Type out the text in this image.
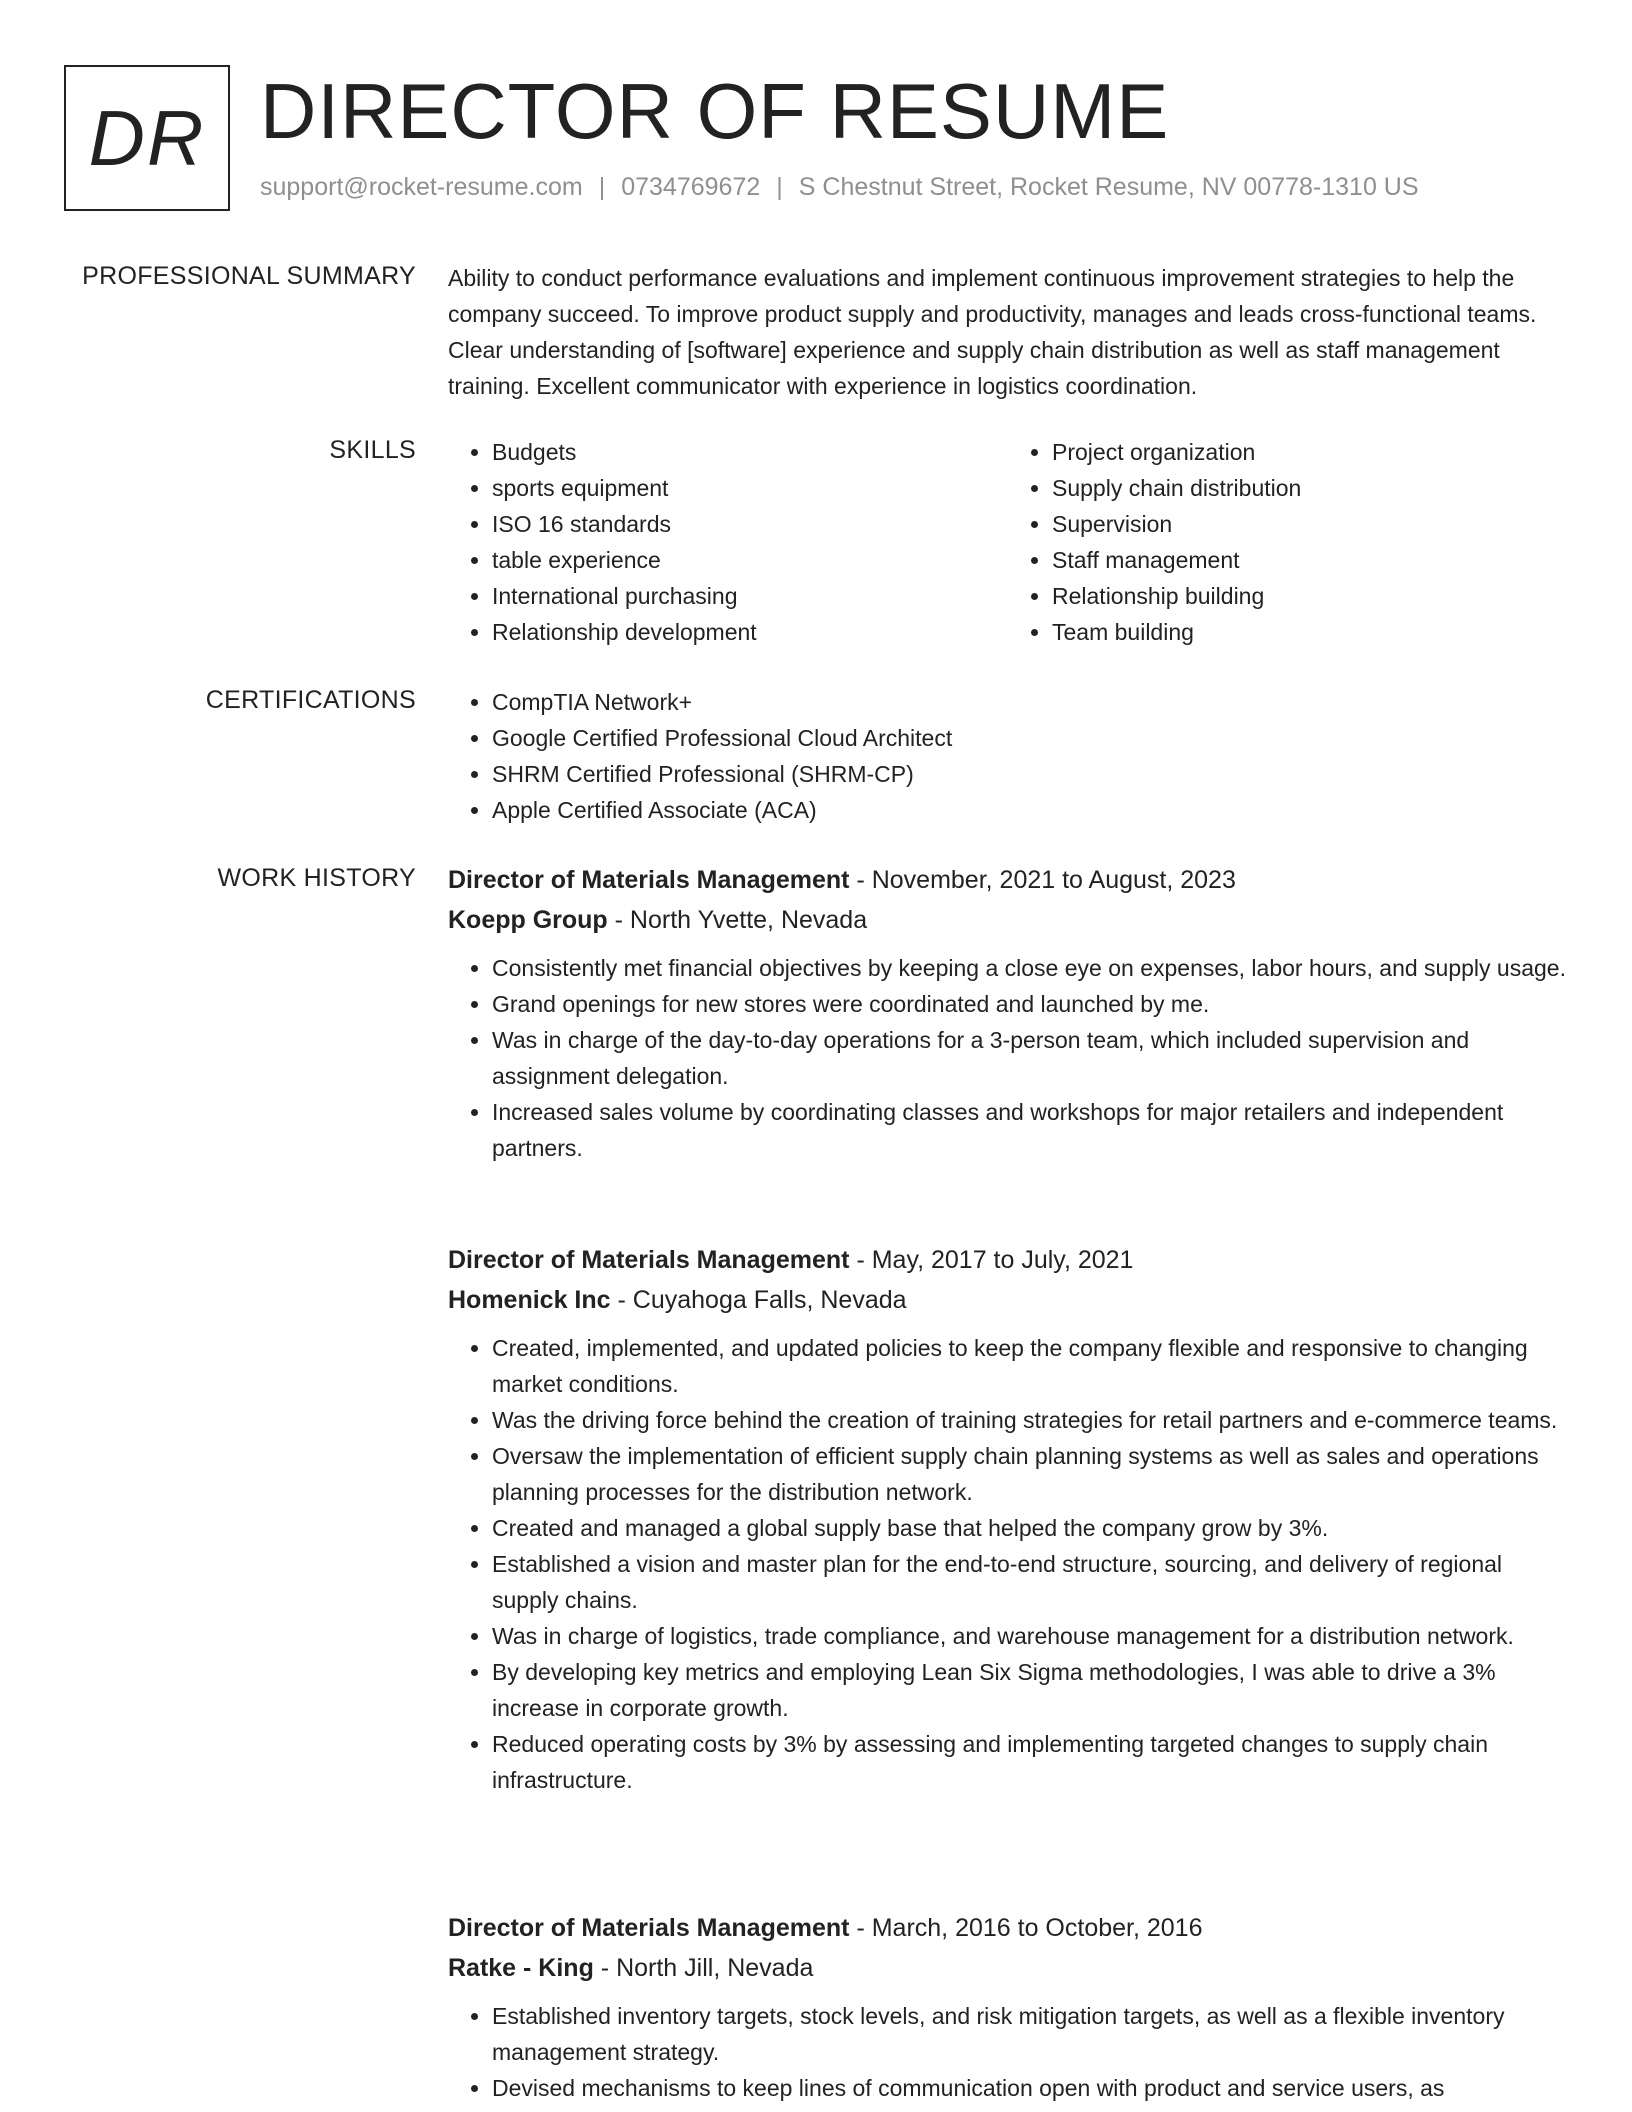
DR DIRECTOR OF RESUME
support@rocket-resume.com | 0734769672 | S Chestnut Street, Rocket Resume, NV 00778-1310 US
PROFESSIONAL SUMMARY Ability to conduct performance evaluations and implement continuous improvement strategies to help the company succeed. To improve product supply and productivity, manages and leads cross-functional teams. Clear understanding of [software] experience and supply chain distribution as well as staff management training. Excellent communicator with experience in logistics coordination.

SKILLS	• Budgets
• sports equipment
• ISO 16 standards
• table experience
• International purchasing
• Relationship development
• Project organization
• Supply chain distribution
• Supervision
• Staff management
• Relationship building
• Team building
CERTIFICATIONS	• CompTIA Network+
• Google Certified Professional Cloud Architect
• SHRM Certified Professional (SHRM-CP)
• Apple Certified Associate (ACA)
WORK HISTORY Director of Materials Management - November, 2021 to August, 2023
Koepp Group - North Yvette, Nevada
• Consistently met financial objectives by keeping a close eye on expenses, labor hours, and supply usage.
• Grand openings for new stores were coordinated and launched by me.
• Was in charge of the day-to-day operations for a 3-person team, which included supervision and assignment delegation.
• Increased sales volume by coordinating classes and workshops for major retailers and independent partners.
Director of Materials Management - May, 2017 to July, 2021
Homenick Inc - Cuyahoga Falls, Nevada
• Created, implemented, and updated policies to keep the company flexible and responsive to changing market conditions.
• Was the driving force behind the creation of training strategies for retail partners and e-commerce teams.
• Oversaw the implementation of efficient supply chain planning systems as well as sales and operations planning processes for the distribution network.
• Created and managed a global supply base that helped the company grow by 3%.
• Established a vision and master plan for the end-to-end structure, sourcing, and delivery of regional supply chains.
• Was in charge of logistics, trade compliance, and warehouse management for a distribution network.
• By developing key metrics and employing Lean Six Sigma methodologies, I was able to drive a 3% increase in corporate growth.
• Reduced operating costs by 3% by assessing and implementing targeted changes to supply chain infrastructure.
Director of Materials Management - March, 2016 to October, 2016
Ratke - King - North Jill, Nevada
• Established inventory targets, stock levels, and risk mitigation targets, as well as a flexible inventory management strategy.
• Devised mechanisms to keep lines of communication open with product and service users, as
